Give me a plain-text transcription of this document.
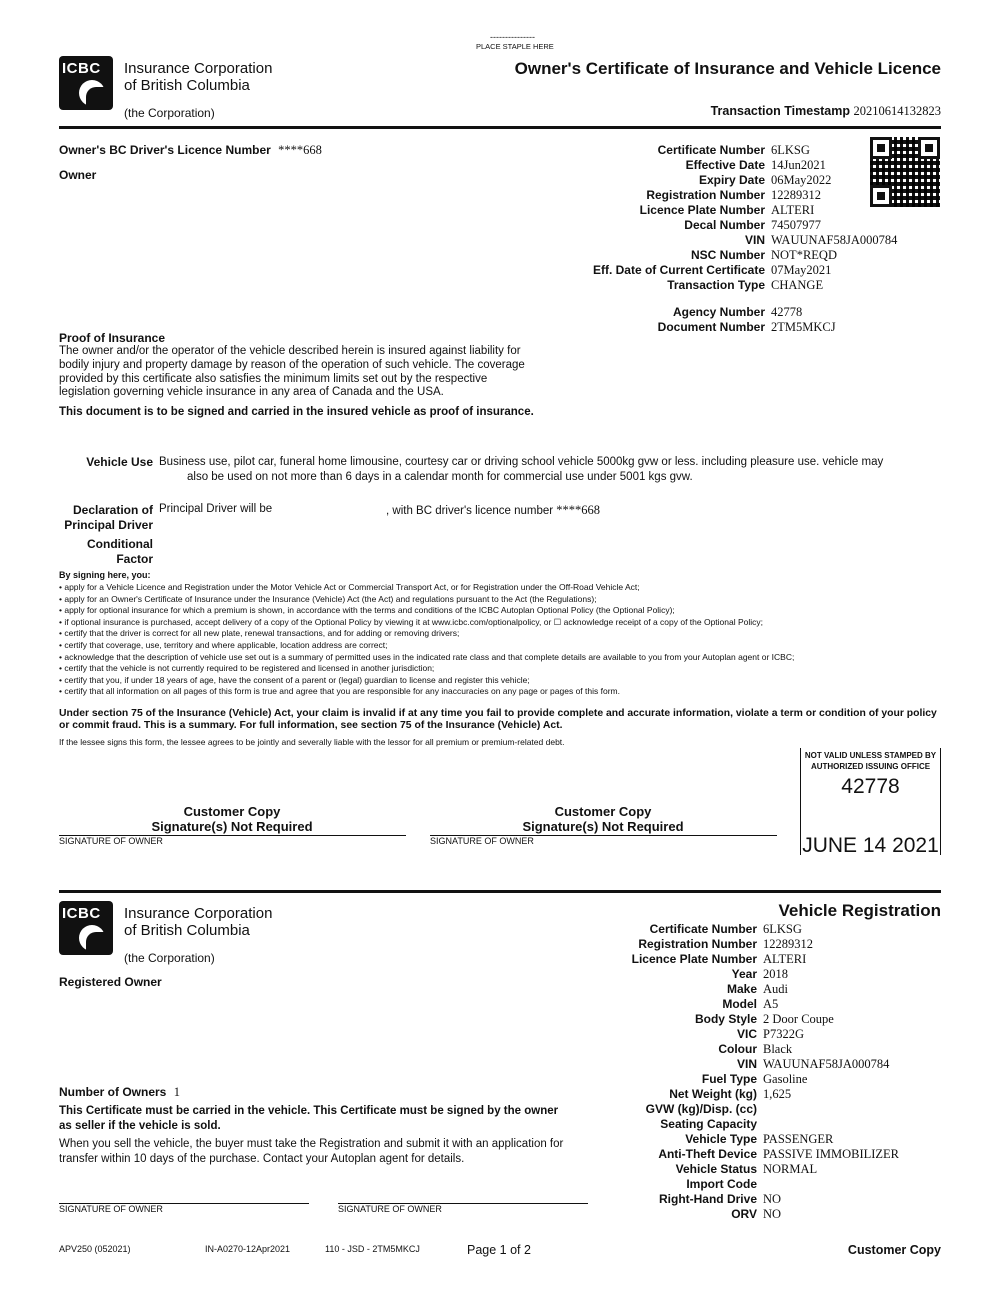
---------------
PLACE STAPLE HERE
ICBC Insurance Corporation
of British Columbia
(the Corporation)
Owner's Certificate of Insurance and Vehicle Licence
Transaction Timestamp 20210614132823
Owner's BC Driver's Licence Number ****668
Owner
Certificate Number 6LKSG
Effective Date 14Jun2021
Expiry Date 06May2022
Registration Number 12289312
Licence Plate Number ALTERI
Decal Number 74507977
VIN WAUUNAF58JA000784
NSC Number NOT*REQD
Eff. Date of Current Certificate 07May2021
Transaction Type CHANGE
Agency Number 42778
Document Number 2TM5MKCJ
Proof of Insurance
The owner and/or the operator of the vehicle described herein is insured against liability for
bodily injury and property damage by reason of the operation of such vehicle. The coverage
provided by this certificate also satisfies the minimum limits set out by the respective
legislation governing vehicle insurance in any area of Canada and the USA.
This document is to be signed and carried in the insured vehicle as proof of insurance.
Vehicle Use Business use, pilot car, funeral home limousine, courtesy car or driving school vehicle 5000kg gvw or less. including pleasure use. vehicle may
also be used on not more than 6 days in a calendar month for commercial use under 5001 kgs gvw.
Declaration of
Principal Driver
Principal Driver will be	, with BC driver's licence number ****668
Conditional
Factor
By signing here, you:
• apply for a Vehicle Licence and Registration under the Motor Vehicle Act or Commercial Transport Act, or for Registration under the Off-Road Vehicle Act;
• apply for an Owner's Certificate of Insurance under the Insurance (Vehicle) Act (the Act) and regulations pursuant to the Act (the Regulations);
• apply for optional insurance for which a premium is shown, in accordance with the terms and conditions of the ICBC Autoplan Optional Policy (the Optional Policy);
• if optional insurance is purchased, accept delivery of a copy of the Optional Policy by viewing it at www.icbc.com/optionalpolicy, or ☐ acknowledge receipt of a copy of the Optional Policy;
• certify that the driver is correct for all new plate, renewal transactions, and for adding or removing drivers;
• certify that coverage, use, territory and where applicable, location address are correct;
• acknowledge that the description of vehicle use set out is a summary of permitted uses in the indicated rate class and that complete details are available to you from your Autoplan agent or ICBC;
• certify that the vehicle is not currently required to be registered and licensed in another jurisdiction;
• certify that you, if under 18 years of age, have the consent of a parent or (legal) guardian to license and register this vehicle;
• certify that all information on all pages of this form is true and agree that you are responsible for any inaccuracies on any page or pages of this form.
Under section 75 of the Insurance (Vehicle) Act, your claim is invalid if at any time you fail to provide complete and accurate information, violate a term or condition of your policy or commit fraud. This is a summary. For full information, see section 75 of the Insurance (Vehicle) Act.
If the lessee signs this form, the lessee agrees to be jointly and severally liable with the lessor for all premium or premium-related debt.
NOT VALID UNLESS STAMPED BY
AUTHORIZED ISSUING OFFICE
42778
JUNE 14 2021
Customer Copy
Signature(s) Not Required
SIGNATURE OF OWNER
Customer Copy
Signature(s) Not Required
SIGNATURE OF OWNER
ICBC Insurance Corporation
of British Columbia
(the Corporation)
Vehicle Registration
Registered Owner
Certificate Number 6LKSG
Registration Number 12289312
Licence Plate Number ALTERI
Year 2018
Make Audi
Model A5
Body Style 2 Door Coupe
VIC P7322G
Colour Black
VIN WAUUNAF58JA000784
Fuel Type Gasoline
Net Weight (kg) 1,625
GVW (kg)/Disp. (cc)
Seating Capacity
Vehicle Type PASSENGER
Anti-Theft Device PASSIVE IMMOBILIZER
Vehicle Status NORMAL
Import Code
Right-Hand Drive NO
ORV NO
Number of Owners 1
This Certificate must be carried in the vehicle. This Certificate must be signed by the owner as seller if the vehicle is sold.
When you sell the vehicle, the buyer must take the Registration and submit it with an application for transfer within 10 days of the purchase. Contact your Autoplan agent for details.
SIGNATURE OF OWNER	SIGNATURE OF OWNER
APV250 (052021)	IN-A0270-12Apr2021	110 - JSD - 2TM5MKCJ	Page 1 of 2	Customer Copy
